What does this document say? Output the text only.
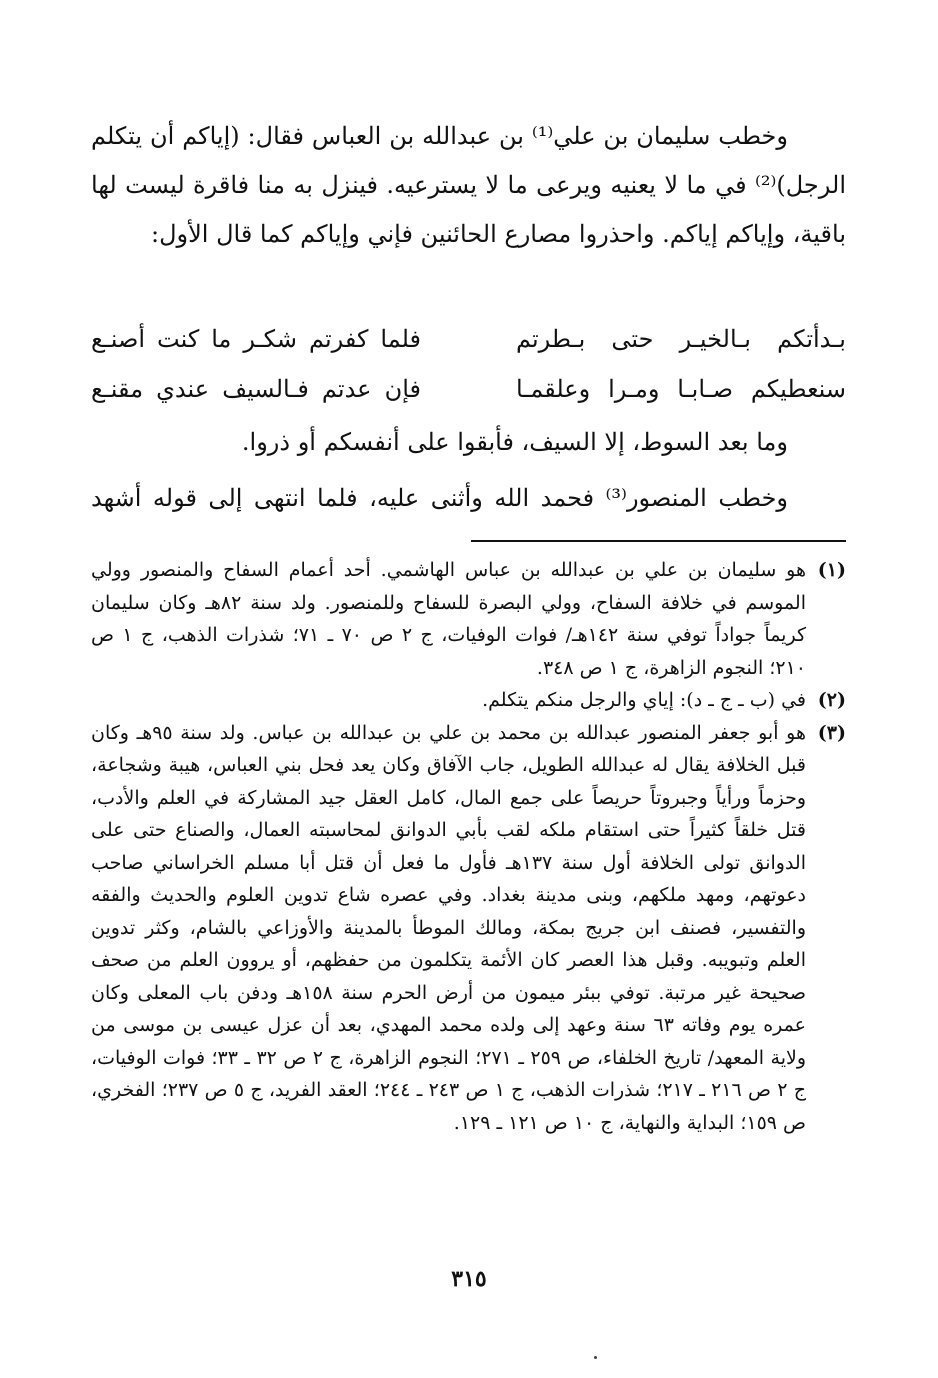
وخطب سليمان بن علي⁽¹⁾ بن عبدالله بن العباس فقال: (إياكم أن يتكلم الرجل)⁽²⁾ في ما لا يعنيه ويرعى ما لا يسترعيه. فينزل به منا فاقرة ليست لها باقية، وإياكم إياكم. واحذروا مصارع الحائنين فإني وإياكم كما قال الأول:

بـدأتكم بـالخيـر حتى بـطرتم
فلما كفرتم شكـر ما كنت أصنـع
سنعطيكم صـابـا ومـرا وعلقمـا
فإن عدتم فـالسيف عندي مقنـع
وما بعد السوط، إلا السيف، فأبقوا على أنفسكم أو ذروا.
وخطب المنصور⁽³⁾ فحمد الله وأثنى عليه، فلما انتهى إلى قوله أشهد
(١)
هو سليمان بن علي بن عبدالله بن عباس الهاشمي. أحد أعمام السفاح والمنصور وولي الموسم في خلافة السفاح، وولي البصرة للسفاح وللمنصور. ولد سنة ٨٢هـ وكان سليمان كريماً جواداً توفي سنة ١٤٢هـ/ فوات الوفيات، ج ٢ ص ٧٠ ـ ٧١؛ شذرات الذهب، ج ١ ص ٢١٠؛ النجوم الزاهرة، ج ١ ص ٣٤٨.
(٢)
في (ب ـ ج ـ د): إياي والرجل منكم يتكلم.
(٣)
هو أبو جعفر المنصور عبدالله بن محمد بن علي بن عبدالله بن عباس. ولد سنة ٩٥هـ وكان قبل الخلافة يقال له عبدالله الطويل، جاب الآفاق وكان يعد فحل بني العباس، هيبة وشجاعة، وحزماً ورأياً وجبروتاً حريصاً على جمع المال، كامل العقل جيد المشاركة في العلم والأدب، قتل خلقاً كثيراً حتى استقام ملكه لقب بأبي الدوانق لمحاسبته العمال، والصناع حتى على الدوانق تولى الخلافة أول سنة ١٣٧هـ فأول ما فعل أن قتل أبا مسلم الخراساني صاحب دعوتهم، ومهد ملكهم، وبنى مدينة بغداد. وفي عصره شاع تدوين العلوم والحديث والفقه والتفسير، فصنف ابن جريج بمكة، ومالك الموطأ بالمدينة والأوزاعي بالشام، وكثر تدوين العلم وتبويبه. وقبل هذا العصر كان الأئمة يتكلمون من حفظهم، أو يروون العلم من صحف صحيحة غير مرتبة. توفي ببئر ميمون من أرض الحرم سنة ١٥٨هـ ودفن باب المعلى وكان عمره يوم وفاته ٦٣ سنة وعهد إلى ولده محمد المهدي، بعد أن عزل عيسى بن موسى من ولاية المعهد/ تاريخ الخلفاء، ص ٢٥٩ ـ ٢٧١؛ النجوم الزاهرة، ج ٢ ص ٣٢ ـ ٣٣؛ فوات الوفيات، ج ٢ ص ٢١٦ ـ ٢١٧؛ شذرات الذهب، ج ١ ص ٢٤٣ ـ ٢٤٤؛ العقد الفريد، ج ٥ ص ٢٣٧؛ الفخري، ص ١٥٩؛ البداية والنهاية، ج ١٠ ص ١٢١ ـ ١٢٩.
٣١٥
